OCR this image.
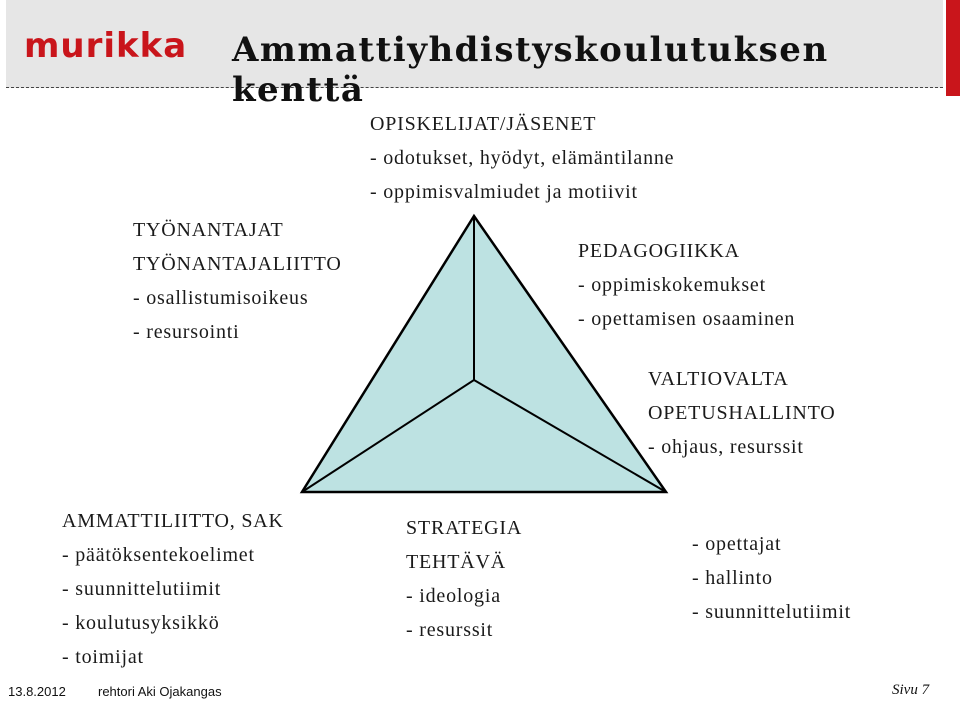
murikka Ammattiyhdistyskoulutuksen kenttä
OPISKELIJAT/JÄSENET
- odotukset, hyödyt, elämäntilanne
- oppimisvalmiudet ja motiivit
TYÖNANTAJAT
TYÖNANTAJALIITTO
- osallistumisoikeus
- resursointi
PEDAGOGIIKKA
- oppimiskokemukset
- opettamisen osaaminen
VALTIOVALTA
OPETUSHALLINTO
- ohjaus, resurssit
AMMATTILIITTO, SAK
- päätöksentekoelimet
- suunnittelutiimit
- koulutusyksikkö
- toimijat
STRATEGIA
TEHTÄVÄ
- ideologia
- resurssit
- opettajat
- hallinto
- suunnittelutiimit
13.8.2012 rehtori Aki Ojakangas	Sivu 7
